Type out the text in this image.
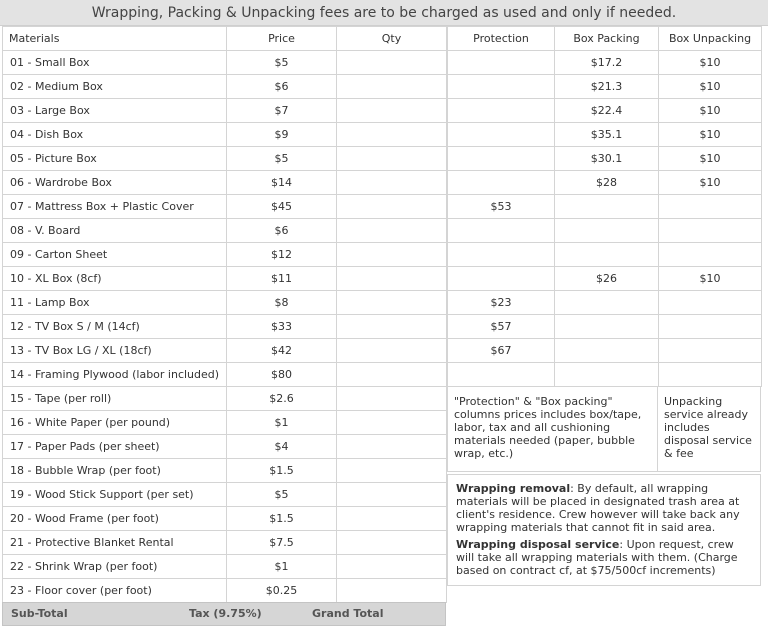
Wrapping, Packing & Unpacking fees are to be charged as used and only if needed.
Materials	Price	Qty
01 - Small Box	$5	
02 - Medium Box	$6	
03 - Large Box	$7	
04 - Dish Box	$9	
05 - Picture Box	$5	
06 - Wardrobe Box	$14	
07 - Mattress Box + Plastic Cover	$45	
08 - V. Board	$6	
09 - Carton Sheet	$12	
10 - XL Box (8cf)	$11	
11 - Lamp Box	$8	
12 - TV Box S / M (14cf)	$33	
13 - TV Box LG / XL (18cf)	$42	
14 - Framing Plywood (labor included)	$80	
15 - Tape (per roll)	$2.6	
16 - White Paper (per pound)	$1	
17 - Paper Pads (per sheet)	$4	
18 - Bubble Wrap (per foot)	$1.5	
19 - Wood Stick Support (per set)	$5	
20 - Wood Frame (per foot)	$1.5	
21 - Protective Blanket Rental	$7.5	
22 - Shrink Wrap (per foot)	$1	
23 - Floor cover (per foot)	$0.25	
Protection	Box Packing	Box Unpacking
	$17.2	$10
	$21.3	$10
	$22.4	$10
	$35.1	$10
	$30.1	$10
	$28	$10
$53		

	$26	$10
$23		
$57		
$67		

"Protection" & "Box packing" columns prices includes box/tape, labor, tax and all cushioning materials needed (paper, bubble wrap, etc.)
Unpacking service already includes disposal service & fee

Wrapping removal: By default, all wrapping materials will be placed in designated trash area at client's residence. Crew however will take back any wrapping materials that cannot fit in said area.

Wrapping disposal service: Upon request, crew will take all wrapping materials with them. (Charge based on contract cf, at $75/500cf increments)

Sub-Total	Tax (9.75%)	Grand Total
